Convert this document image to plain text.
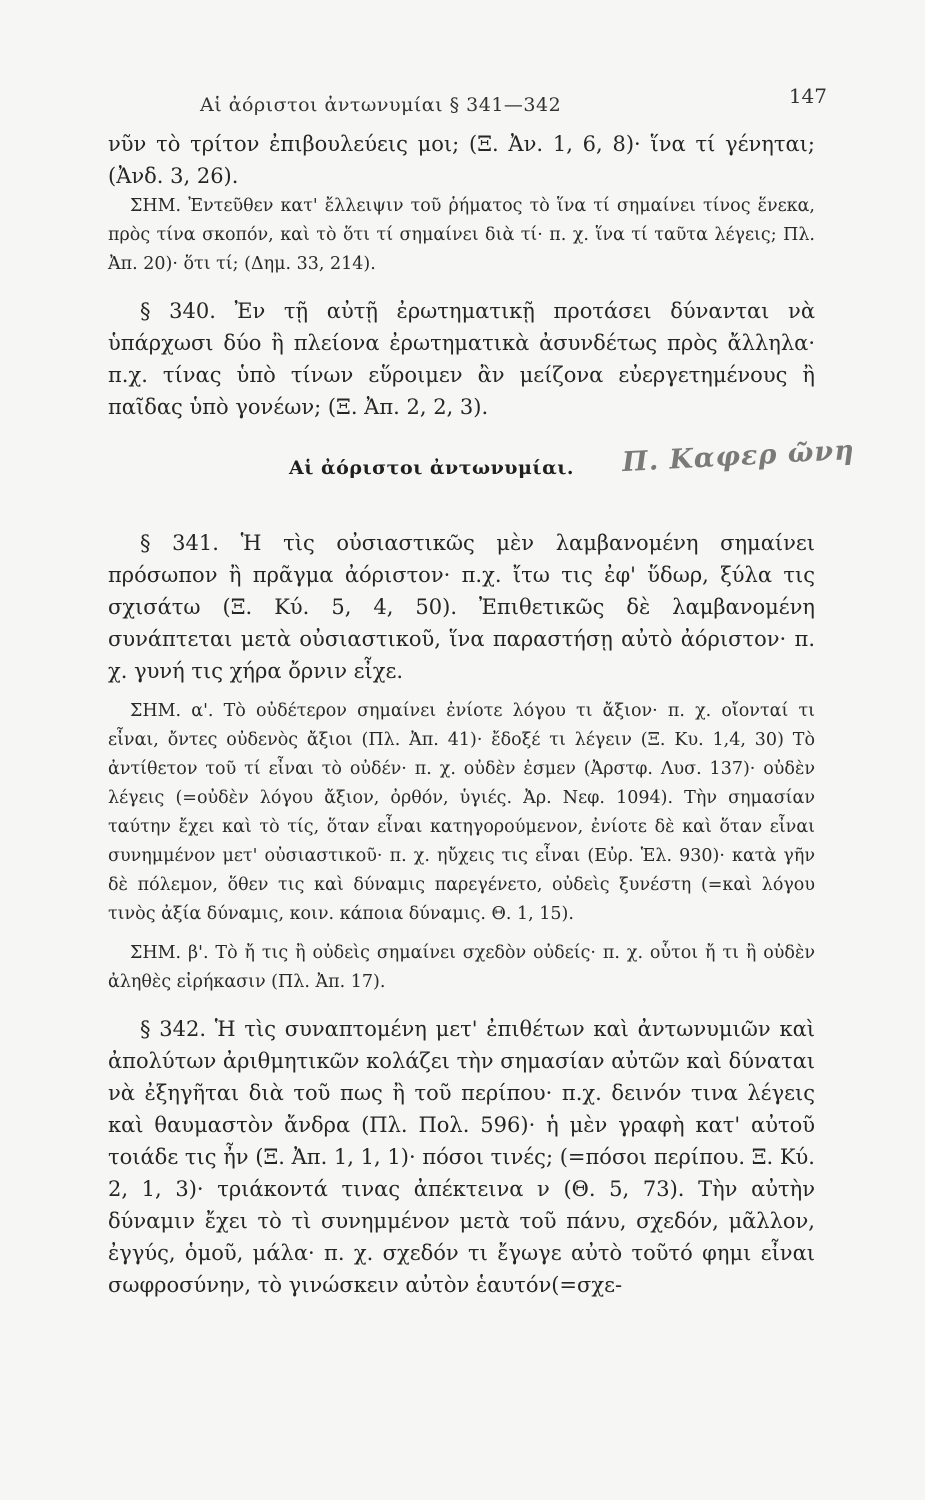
Αἱ ἀόριστοι ἀντωνυμίαι § 341—342	147

νῦν τὸ τρίτον ἐπιβουλεύεις μοι; (Ξ. Ἀν. 1, 6, 8)· ἵνα τί γένηται; (Ἀνδ. 3, 26).

ΣΗΜ. Ἐντεῦθεν κατ' ἔλλειψιν τοῦ ῥήματος τὸ ἵνα τί σημαίνει τίνος ἕνεκα, πρὸς τίνα σκοπόν, καὶ τὸ ὅτι τί σημαίνει διὰ τί· π. χ. ἵνα τί ταῦτα λέγεις; Πλ. Ἀπ. 20)· ὅτι τί; (Δημ. 33, 214).

§ 340. Ἐν τῇ αὐτῇ ἐρωτηματικῇ προτάσει δύνανται νὰ ὑπάρχωσι δύο ἢ πλείονα ἐρωτηματικὰ ἀσυνδέτως πρὸς ἄλληλα· π.χ. τίνας ὑπὸ τίνων εὕροιμεν ἂν μείζονα εὐεργετημένους ἢ παῖδας ὑπὸ γονέων; (Ξ. Ἀπ. 2, 2, 3).

Αἱ ἀόριστοι ἀντωνυμίαι. Π. Καφερ ῶνη

§ 341. Ἡ τὶς οὐσιαστικῶς μὲν λαμβανομένη σημαίνει πρόσωπον ἢ πρᾶγμα ἀόριστον· π.χ. ἴτω τις ἐφ' ὕδωρ, ξύλα τις σχισάτω (Ξ. Κύ. 5, 4, 50). Ἐπιθετικῶς δὲ λαμβανομένη συνάπτεται μετὰ οὐσιαστικοῦ, ἵνα παραστήσῃ αὐτὸ ἀόριστον· π. χ. γυνή τις χήρα ὄρνιν εἶχε.

ΣΗΜ. α'. Τὸ οὐδέτερον σημαίνει ἐνίοτε λόγου τι ἄξιον· π. χ. οἴονταί τι εἶναι, ὄντες οὐδενὸς ἄξιοι (Πλ. Ἀπ. 41)· ἔδοξέ τι λέγειν (Ξ. Κυ. 1,4, 30) Τὸ ἀντίθετον τοῦ τί εἶναι τὸ οὐδέν· π. χ. οὐδὲν ἐσμεν (Ἀρστφ. Λυσ. 137)· οὐδὲν λέγεις (=οὐδὲν λόγου ἄξιον, ὀρθόν, ὑγιές. Ἀρ. Νεφ. 1094). Τὴν σημασίαν ταύτην ἔχει καὶ τὸ τίς, ὅταν εἶναι κατηγορούμενον, ἐνίοτε δὲ καὶ ὅταν εἶναι συνημμένον μετ' οὐσιαστικοῦ· π. χ. ηὔχεις τις εἶναι (Εὐρ. Ἑλ. 930)· κατὰ γῆν δὲ πόλεμον, ὅθεν τις καὶ δύναμις παρεγένετο, οὐδεὶς ξυνέστη (=καὶ λόγου τινὸς ἀξία δύναμις, κοιν. κάποια δύναμις. Θ. 1, 15).

ΣΗΜ. β'. Τὸ ἤ τις ἢ οὐδεὶς σημαίνει σχεδὸν οὐδείς· π. χ. οὗτοι ἤ τι ἢ οὐδὲν ἀληθὲς εἰρήκασιν (Πλ. Ἀπ. 17).

§ 342. Ἡ τὶς συναπτομένη μετ' ἐπιθέτων καὶ ἀντωνυμιῶν καὶ ἀπολύτων ἀριθμητικῶν κολάζει τὴν σημασίαν αὐτῶν καὶ δύναται νὰ ἐξηγῆται διὰ τοῦ πως ἢ τοῦ περίπου· π.χ. δεινόν τινα λέγεις καὶ θαυμαστὸν ἄνδρα (Πλ. Πολ. 596)· ἡ μὲν γραφὴ κατ' αὐτοῦ τοιάδε τις ἦν (Ξ. Ἀπ. 1, 1, 1)· πόσοι τινές; (=πόσοι περίπου. Ξ. Κύ. 2, 1, 3)· τριάκοντά τινας ἀπέκτεινα ν (Θ. 5, 73). Τὴν αὐτὴν δύναμιν ἔχει τὸ τὶ συνημμένον μετὰ τοῦ πάνυ, σχεδόν, μᾶλλον, ἐγγύς, ὁμοῦ, μάλα· π. χ. σχεδόν τι ἔγωγε αὐτὸ τοῦτό φημι εἶναι σωφροσύνην, τὸ γινώσκειν αὐτὸν ἑαυτόν(=σχε-
